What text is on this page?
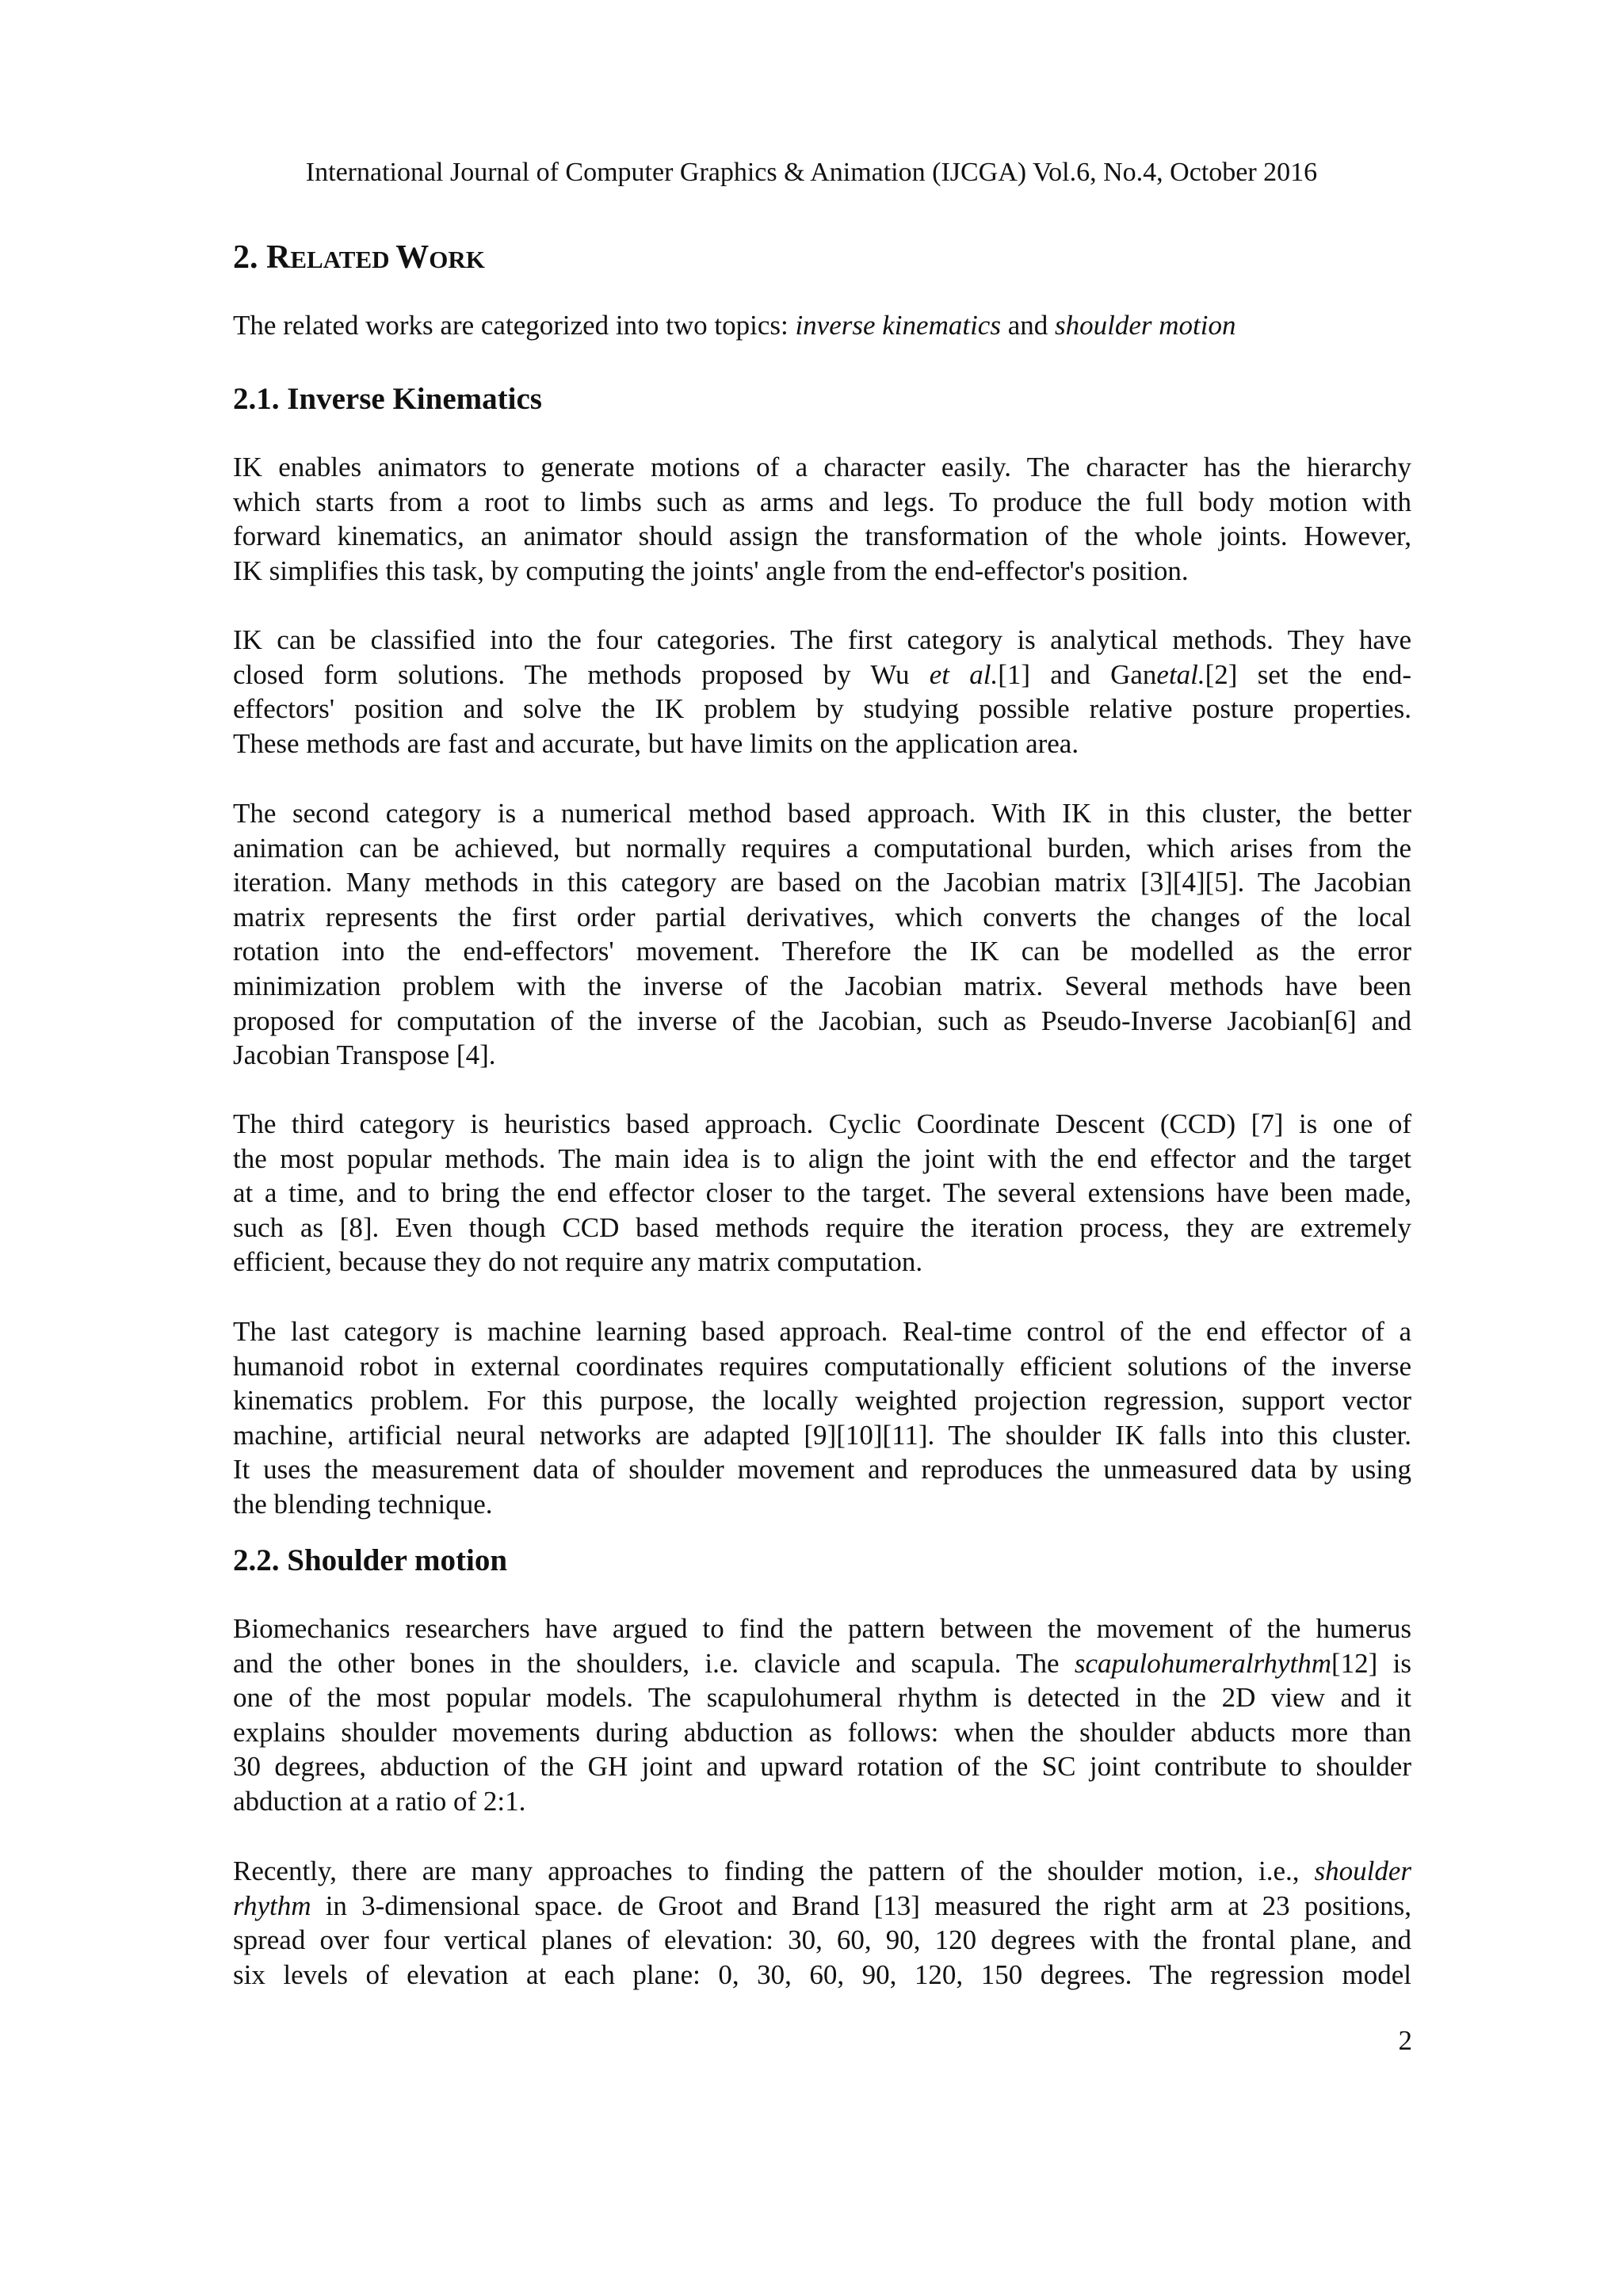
International Journal of Computer Graphics & Animation (IJCGA) Vol.6, No.4, October 2016
2. RELATED WORK
The related works are categorized into two topics: inverse kinematics and shoulder motion
2.1. Inverse Kinematics
IK enables animators to generate motions of a character easily. The character has the hierarchy
which starts from a root to limbs such as arms and legs. To produce the full body motion with
forward kinematics, an animator should assign the transformation of the whole joints. However,
IK simplifies this task, by computing the joints' angle from the end-effector's position.
IK can be classified into the four categories. The first category is analytical methods. They have
closed form solutions. The methods proposed by Wu et al.[1] and Ganetal.[2] set the end-
effectors' position and solve the IK problem by studying possible relative posture properties.
These methods are fast and accurate, but have limits on the application area.
The second category is a numerical method based approach. With IK in this cluster, the better
animation can be achieved, but normally requires a computational burden, which arises from the
iteration. Many methods in this category are based on the Jacobian matrix [3][4][5]. The Jacobian
matrix represents the first order partial derivatives, which converts the changes of the local
rotation into the end-effectors' movement. Therefore the IK can be modelled as the error
minimization problem with the inverse of the Jacobian matrix. Several methods have been
proposed for computation of the inverse of the Jacobian, such as Pseudo-Inverse Jacobian[6] and
Jacobian Transpose [4].
The third category is heuristics based approach. Cyclic Coordinate Descent (CCD) [7] is one of
the most popular methods. The main idea is to align the joint with the end effector and the target
at a time, and to bring the end effector closer to the target. The several extensions have been made,
such as [8]. Even though CCD based methods require the iteration process, they are extremely
efficient, because they do not require any matrix computation.
The last category is machine learning based approach. Real-time control of the end effector of a
humanoid robot in external coordinates requires computationally efficient solutions of the inverse
kinematics problem. For this purpose, the locally weighted projection regression, support vector
machine, artificial neural networks are adapted [9][10][11]. The shoulder IK falls into this cluster.
It uses the measurement data of shoulder movement and reproduces the unmeasured data by using
the blending technique.
2.2. Shoulder motion
Biomechanics researchers have argued to find the pattern between the movement of the humerus
and the other bones in the shoulders, i.e. clavicle and scapula. The scapulohumeralrhythm[12] is
one of the most popular models. The scapulohumeral rhythm is detected in the 2D view and it
explains shoulder movements during abduction as follows: when the shoulder abducts more than
30 degrees, abduction of the GH joint and upward rotation of the SC joint contribute to shoulder
abduction at a ratio of 2:1.
Recently, there are many approaches to finding the pattern of the shoulder motion, i.e., shoulder
rhythm in 3-dimensional space. de Groot and Brand [13] measured the right arm at 23 positions,
spread over four vertical planes of elevation: 30, 60, 90, 120 degrees with the frontal plane, and
six levels of elevation at each plane: 0, 30, 60, 90, 120, 150 degrees. The regression model
2
